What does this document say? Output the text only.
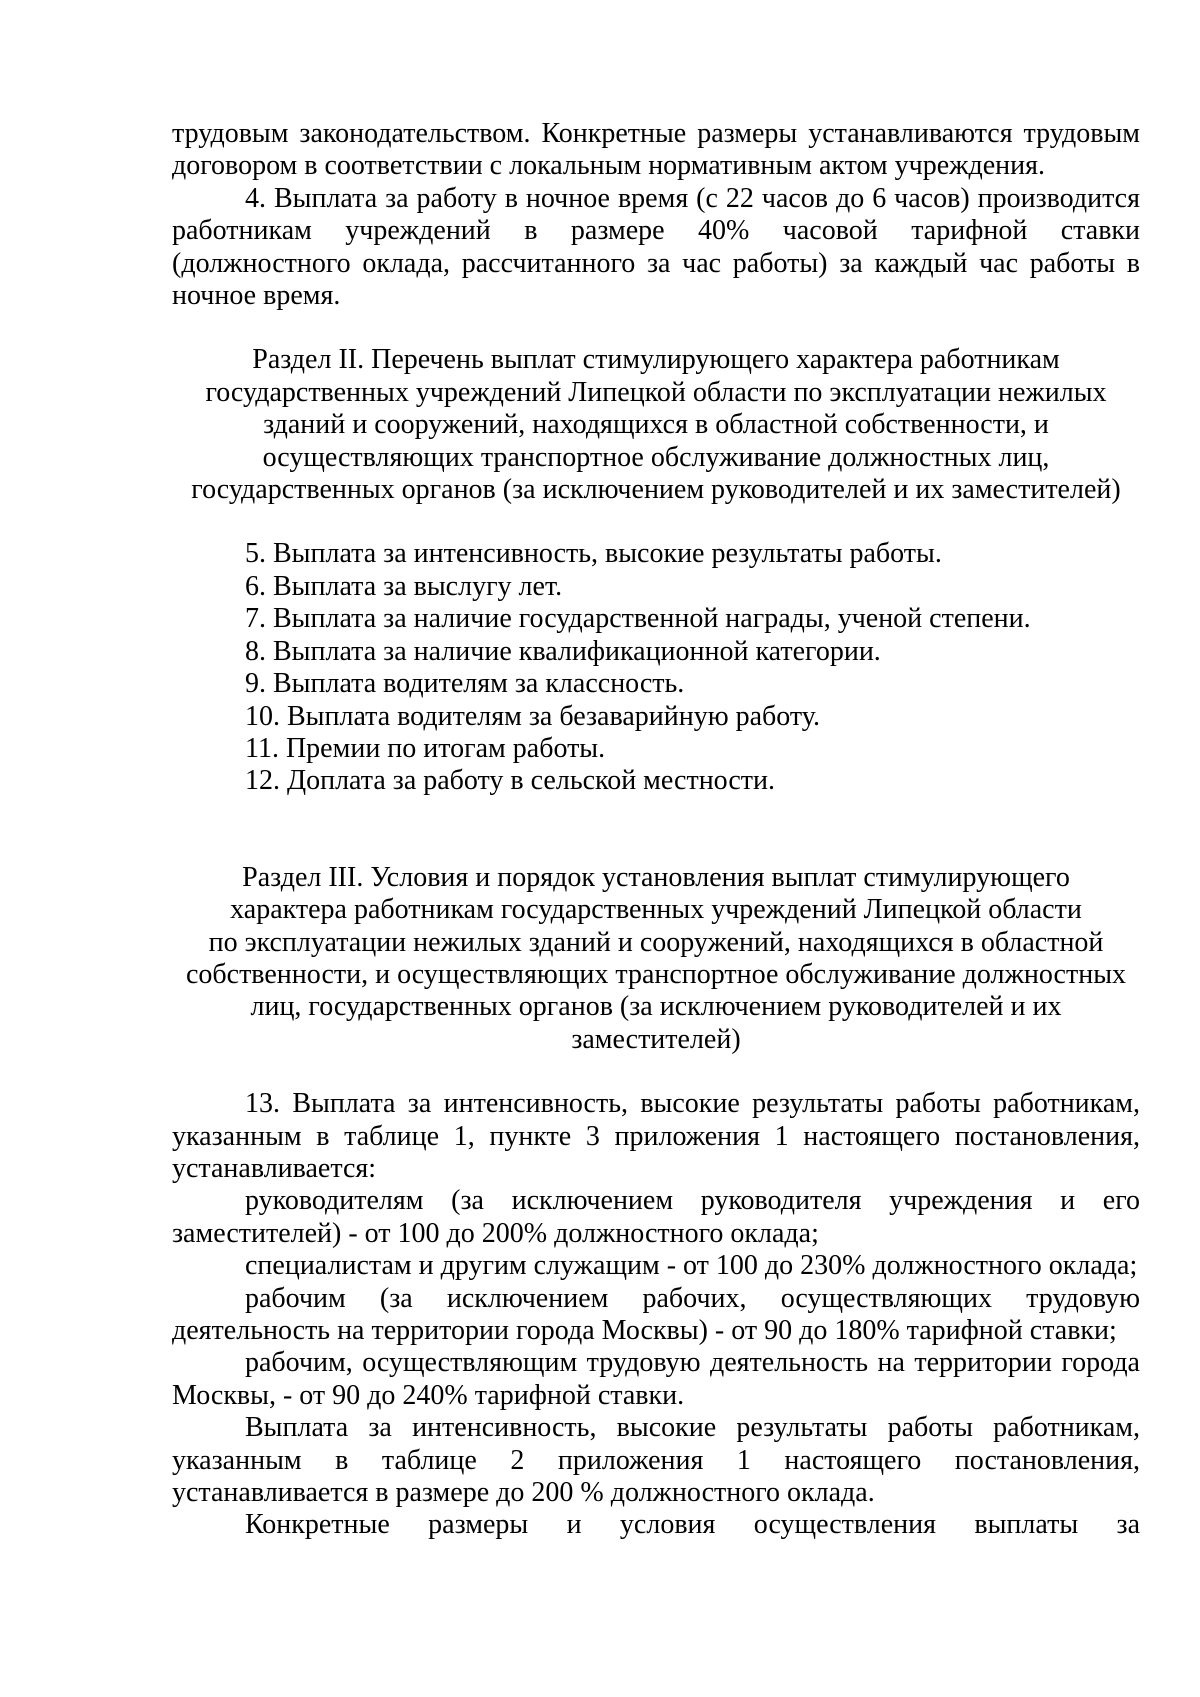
трудовым законодательством. Конкретные размеры устанавливаются трудовым договором в соответствии с локальным нормативным актом учреждения.

4. Выплата за работу в ночное время (с 22 часов до 6 часов) производится работникам учреждений в размере 40% часовой тарифной ставки (должностного оклада, рассчитанного за час работы) за каждый час работы в ночное время.

Раздел II. Перечень выплат стимулирующего характера работникам

государственных учреждений Липецкой области по эксплуатации нежилых

зданий и сооружений, находящихся в областной собственности, и

осуществляющих транспортное обслуживание должностных лиц,

государственных органов (за исключением руководителей и их заместителей)

5. Выплата за интенсивность, высокие результаты работы.

6. Выплата за выслугу лет.

7. Выплата за наличие государственной награды, ученой степени.

8. Выплата за наличие квалификационной категории.

9. Выплата водителям за классность.

10. Выплата водителям за безаварийную работу.

11. Премии по итогам работы.

12. Доплата за работу в сельской местности.

Раздел III. Условия и порядок установления выплат стимулирующего

характера работникам государственных учреждений Липецкой области

по эксплуатации нежилых зданий и сооружений, находящихся в областной

собственности, и осуществляющих транспортное обслуживание должностных

лиц, государственных органов (за исключением руководителей и их

заместителей)

13. Выплата за интенсивность, высокие результаты работы работникам, указанным в таблице 1, пункте 3 приложения 1 настоящего постановления, устанавливается:

руководителям (за исключением руководителя учреждения и его заместителей) - от 100 до 200% должностного оклада;

специалистам и другим служащим - от 100 до 230% должностного оклада;

рабочим (за исключением рабочих, осуществляющих трудовую деятельность на территории города Москвы) - от 90 до 180% тарифной ставки;

рабочим, осуществляющим трудовую деятельность на территории города Москвы, - от 90 до 240% тарифной ставки.

Выплата за интенсивность, высокие результаты работы работникам, указанным в таблице 2 приложения 1 настоящего постановления, устанавливается в размере до 200 % должностного оклада.

Конкретные размеры и условия осуществления выплаты за
